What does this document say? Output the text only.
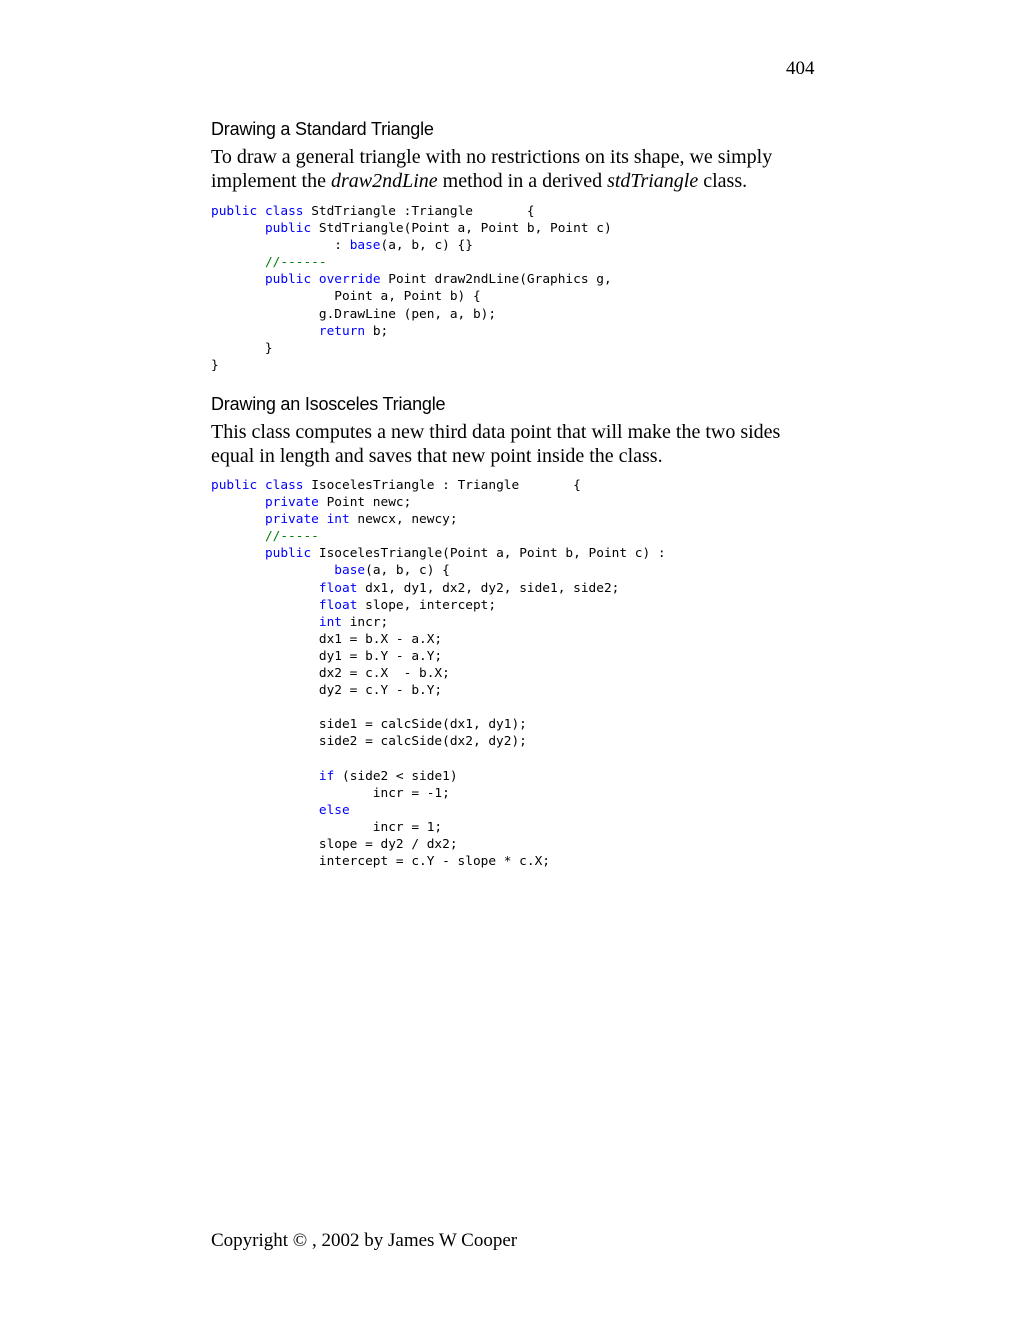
404
Drawing a Standard Triangle

To draw a general triangle with no restrictions on its shape, we simply implement the draw2ndLine method in a derived stdTriangle class.

public class StdTriangle :Triangle       {
public StdTriangle(Point a, Point b, Point c)
: base(a, b, c) {}
//------
public override Point draw2ndLine(Graphics g,
Point a, Point b) {
g.DrawLine (pen, a, b);
return b;
}
}
Drawing an Isosceles Triangle

This class computes a new third data point that will make the two sides equal in length and saves that new point inside the class.

public class IsocelesTriangle : Triangle       {
private Point newc;
private int newcx, newcy;
//-----
public IsocelesTriangle(Point a, Point b, Point c) :
base(a, b, c) {
float dx1, dy1, dx2, dy2, side1, side2;
float slope, intercept;
int incr;
dx1 = b.X - a.X;
dy1 = b.Y - a.Y;
dx2 = c.X  - b.X;
dy2 = c.Y - b.Y;

side1 = calcSide(dx1, dy1);
side2 = calcSide(dx2, dy2);

if (side2 < side1)
incr = -1;
else
incr = 1;
slope = dy2 / dx2;
intercept = c.Y - slope * c.X;
Copyright © , 2002 by James W Cooper
